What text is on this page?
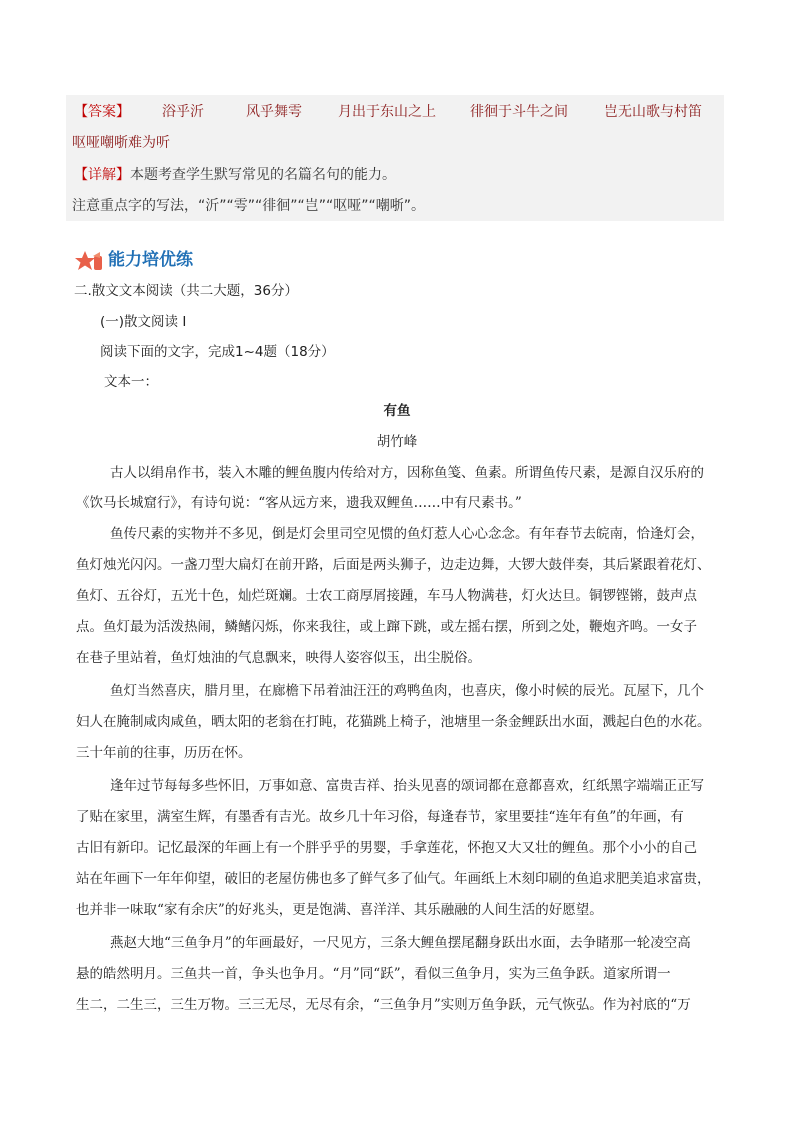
【答案】 浴乎沂	风乎舞雩	月出于东山之上 徘徊于斗牛之间	岂无山歌与村笛
呕哑嘲哳难为听
【详解】 本题考查学生默写常见的名篇名句的能力。
注意重点字的写法，“沂”“雩”“徘徊”“岂”“呕哑”“嘲哳”。
能力培优练
二.散文文本阅读（共二大题，36分）
(一)散文阅读 I
阅读下面的文字，完成1~4题（18分）
文本一：
有鱼
胡竹峰
古人以绢帛作书，装入木雕的鲤鱼腹内传给对方，因称鱼笺、鱼素。所谓鱼传尺素，是源自汉乐府的
《饮马长城窟行》，有诗句说：“客从远方来，遗我双鲤鱼……中有尺素书。”
鱼传尺素的实物并不多见，倒是灯会里司空见惯的鱼灯惹人心心念念。有年春节去皖南，恰逢灯会，
鱼灯烛光闪闪。一盏刀型大扁灯在前开路，后面是两头狮子，边走边舞，大锣大鼓伴奏，其后紧跟着花灯、
鱼灯、五谷灯，五光十色，灿烂斑斓。士农工商厚屑接踵，车马人物满巷，灯火达旦。铜锣铿锵，鼓声点
点。鱼灯最为活泼热闹，鳞鳍闪烁，你来我往，或上蹿下跳，或左摇右摆，所到之处，鞭炮齐鸣。一女子
在巷子里站着，鱼灯烛油的气息飘来，映得人姿容似玉，出尘脱俗。
鱼灯当然喜庆，腊月里，在廊檐下吊着油汪汪的鸡鸭鱼肉，也喜庆，像小时候的辰光。瓦屋下，几个
妇人在腌制咸肉咸鱼，晒太阳的老翁在打盹，花猫跳上椅子，池塘里一条金鲤跃出水面，溅起白色的水花。
三十年前的往事，历历在怀。
逢年过节每每多些怀旧，万事如意、富贵吉祥、抬头见喜的颂词都在意都喜欢，红纸黑字端端正正写
了贴在家里，满室生辉，有墨香有吉光。故乡几十年习俗，每逢春节，家里要挂“连年有鱼”的年画，有
古旧有新印。记忆最深的年画上有一个胖乎乎的男婴，手拿莲花，怀抱又大又壮的鲤鱼。那个小小的自己
站在年画下一年年仰望，破旧的老屋仿佛也多了鲜气多了仙气。年画纸上木刻印刷的鱼追求肥美追求富贵，
也并非一味取“家有余庆”的好兆头，更是饱满、喜洋洋、其乐融融的人间生活的好愿望。
燕赵大地“三鱼争月”的年画最好，一尺见方，三条大鲤鱼摆尾翻身跃出水面，去争睹那一轮凌空高
悬的皓然明月。三鱼共一首，争头也争月。“月”同“跃”，看似三鱼争月，实为三鱼争跃。道家所谓一
生二，二生三，三生万物。三三无尽，无尽有余，“三鱼争月”实则万鱼争跃，元气恢弘。作为衬底的“万
